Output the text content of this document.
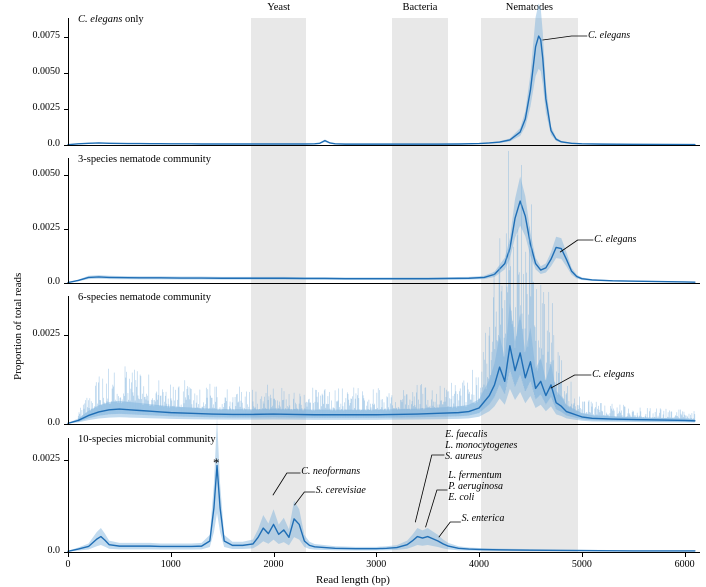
Yeast	Bacteria	Nematodes
0.0
0.0025
0.0050
0.0075
C. elegans only
0.0
0.0025
0.0050
3-species nematode community
0.0
0.0025
6-species nematode community
0.0
0.0025
10-species microbial community
0	1000	2000	3000	4000	5000	6000
Read length (bp)
Proportion of total reads
C. elegans
C. elegans
C. elegans
C. neoformans
S. cerevisiae
E. faecalis
L. monocytogenes
S. aureus
L. fermentum
P. aeruginosa
E. coli
S. enterica
*
